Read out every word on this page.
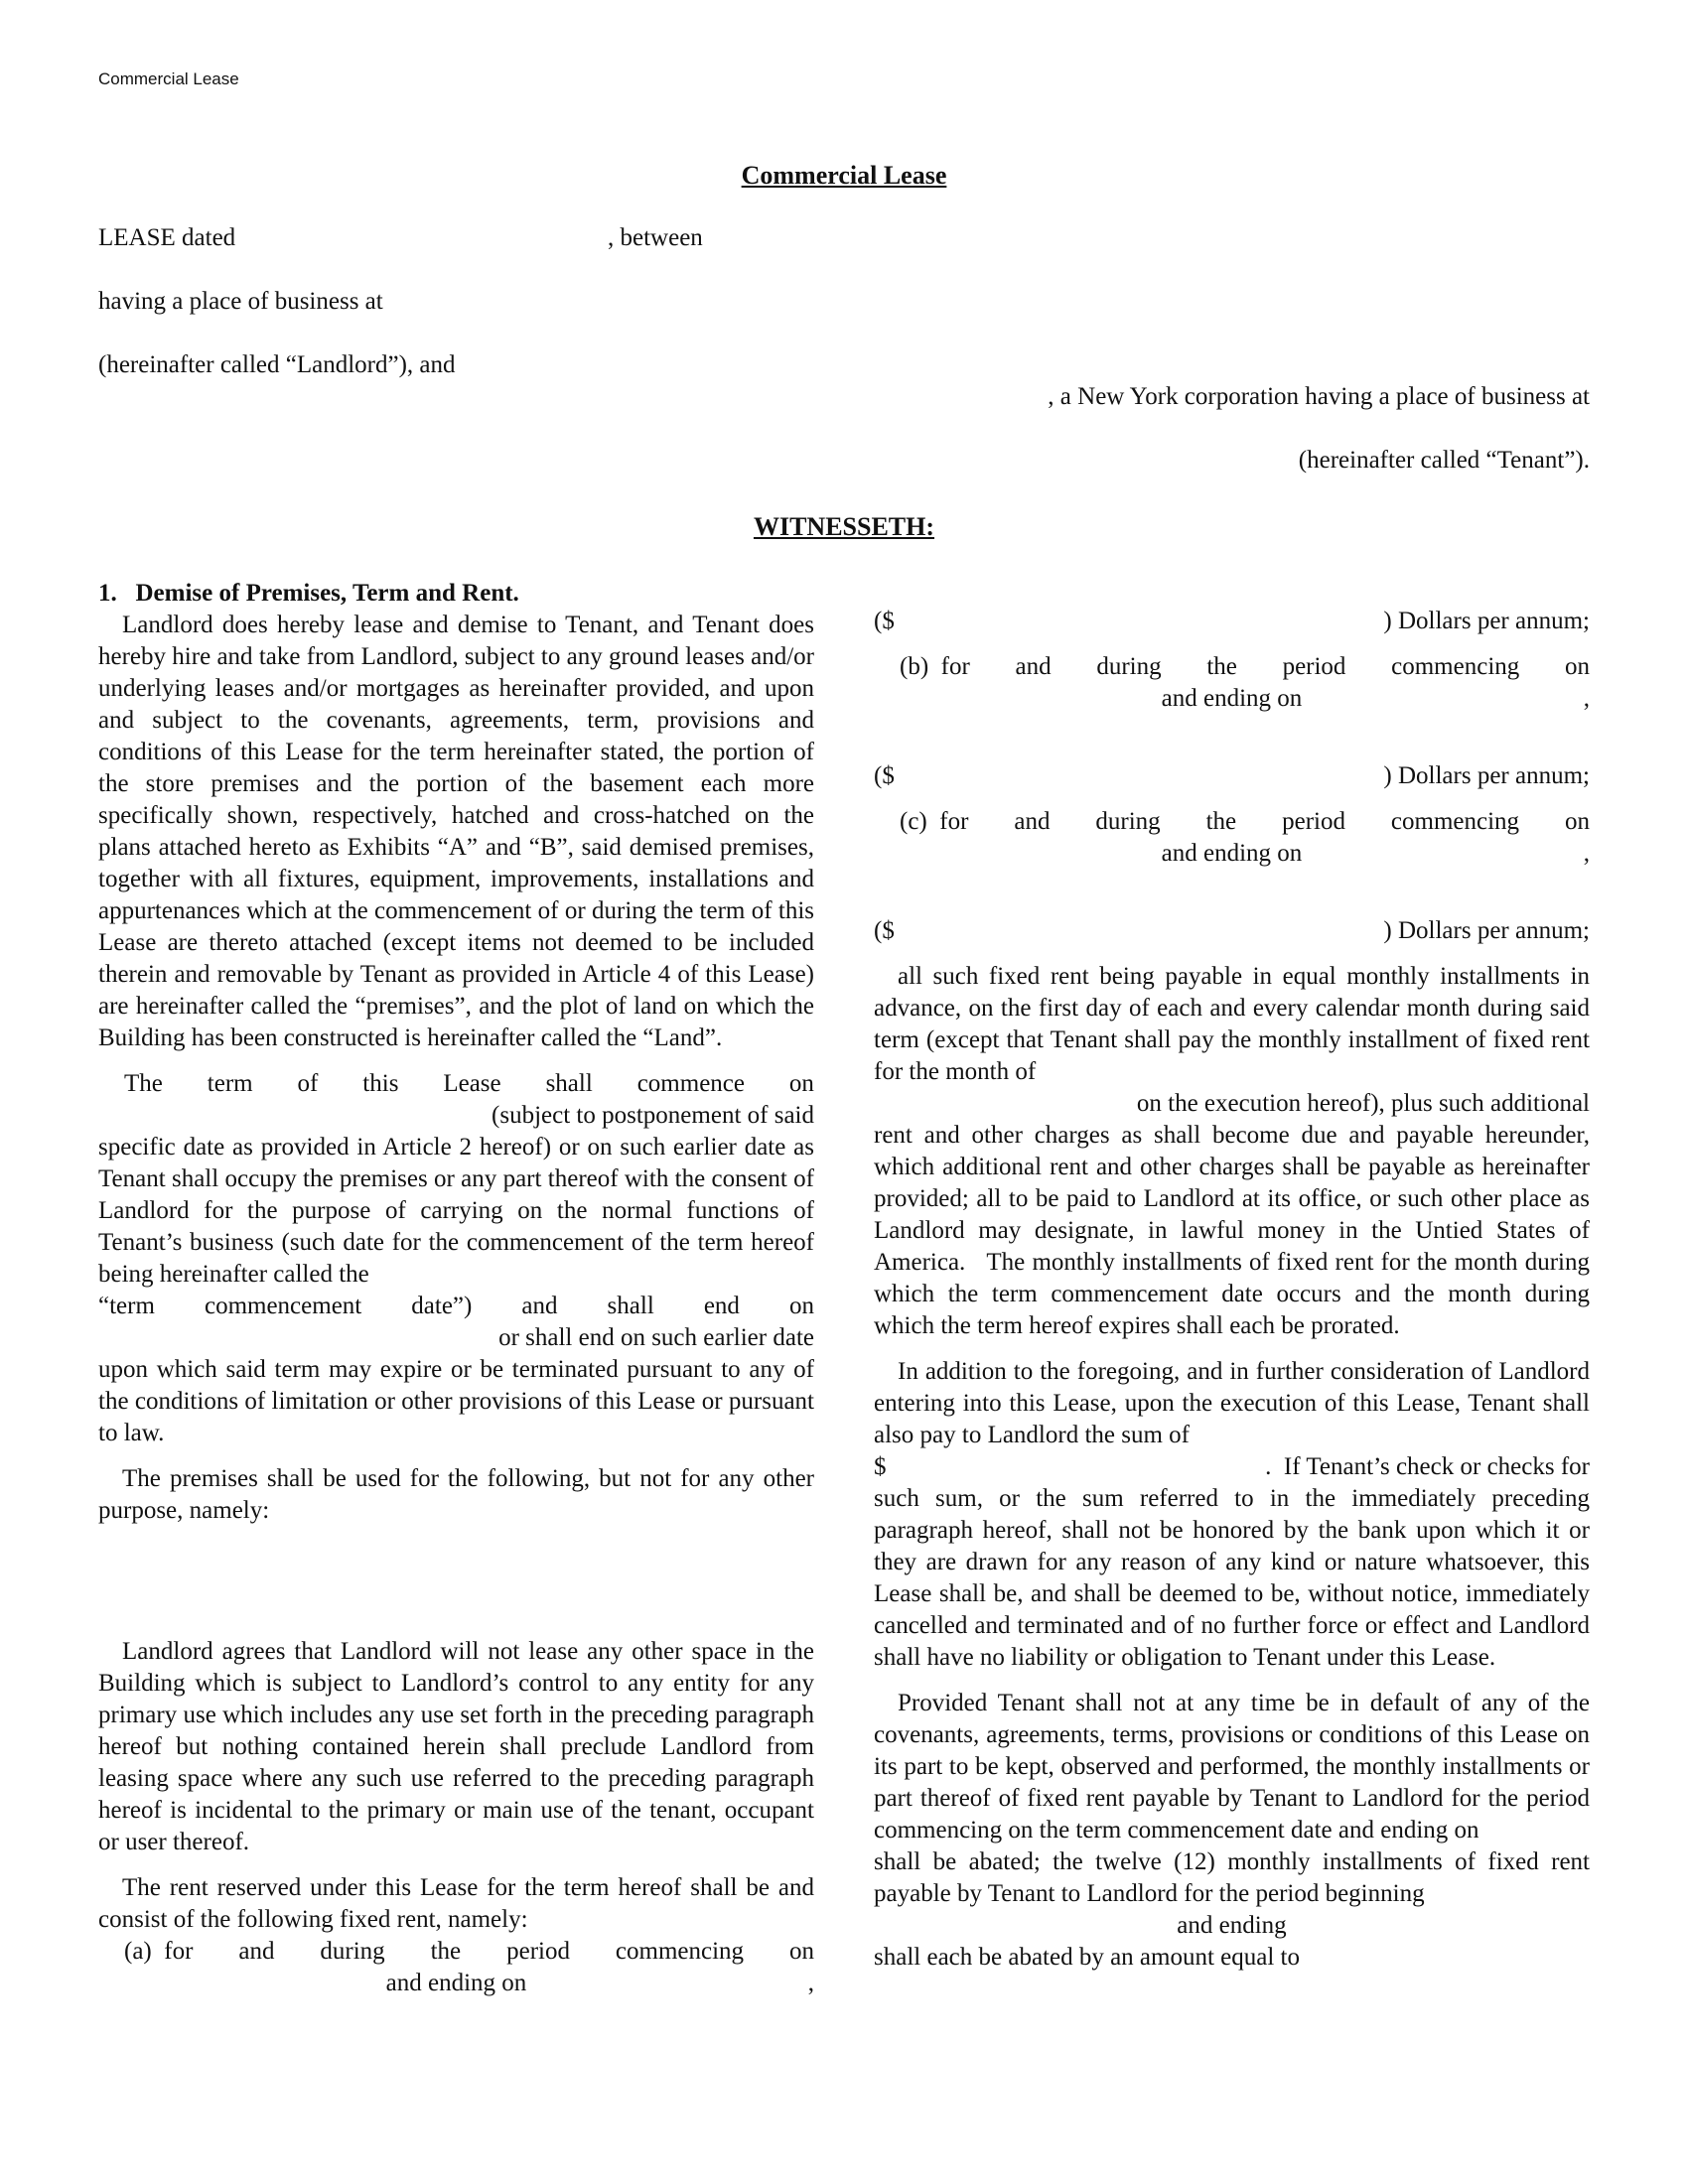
Commercial Lease
Commercial Lease
LEASE dated	, between
having a place of business at
(hereinafter called “Landlord”), and
, a New York corporation having a place of business at
(hereinafter called “Tenant”).
WITNESSETH:

1.   Demise of Premises, Term and Rent.

Landlord does hereby lease and demise to Tenant, and Tenant does hereby hire and take from Landlord, subject to any ground leases and/or underlying leases and/or mortgages as hereinafter provided, and upon and subject to the covenants, agreements, term, provisions and conditions of this Lease for the term hereinafter stated, the portion of the store premises and the portion of the basement each more specifically shown, respectively, hatched and cross-hatched on the plans attached hereto as Exhibits “A” and “B”, said demised premises, together with all fixtures, equipment, improvements, installations and appurtenances which at the commencement of or during the term of this Lease are thereto attached (except items not deemed to be included therein and removable by Tenant as provided in Article 4 of this Lease) are hereinafter called the “premises”, and the plot of land on which the Building has been constructed is hereinafter called the “Land”.

The term of this Lease shall commence on
(subject to postponement of said

specific date as provided in Article 2 hereof) or on such earlier date as Tenant shall occupy the premises or any part thereof with the consent of Landlord for the purpose of carrying on the normal functions of Tenant’s business (such date for the commencement of the term hereof being hereinafter called the

“term commencement date”) and shall end on
or shall end on such earlier date

upon which said term may expire or be terminated pursuant to any of the conditions of limitation or other provisions of this Lease or pursuant to law.

The premises shall be used for the following, but not for any other purpose, namely:

Landlord agrees that Landlord will not lease any other space in the Building which is subject to Landlord’s control to any entity for any primary use which includes any use set forth in the preceding paragraph hereof but nothing contained herein shall preclude Landlord from leasing space where any such use referred to the preceding paragraph hereof is incidental to the primary or main use of the tenant, occupant or user thereof.

The rent reserved under this Lease for the term hereof shall be and consist of the following fixed rent, namely:

(a)  for and during the period commencing on
and ending on	,
($	) Dollars per annum;
(b)  for and during the period commencing on
and ending on	,
($	) Dollars per annum;
(c)  for and during the period commencing on
and ending on	,
($	) Dollars per annum;

all such fixed rent being payable in equal monthly installments in advance, on the first day of each and every calendar month during said term (except that Tenant shall pay the monthly installment of fixed rent for the month of

on the execution hereof), plus such additional

rent and other charges as shall become due and payable hereunder, which additional rent and other charges shall be payable as hereinafter provided; all to be paid to Landlord at its office, or such other place as Landlord may designate, in lawful money in the Untied States of America.   The monthly installments of fixed rent for the month during which the term commencement date occurs and the month during which the term hereof expires shall each be prorated.

In addition to the foregoing, and in further consideration of Landlord entering into this Lease, upon the execution of this Lease, Tenant shall also pay to Landlord the sum of

$	.  If Tenant’s check or checks for

such sum, or the sum referred to in the immediately preceding paragraph hereof, shall not be honored by the bank upon which it or they are drawn for any reason of any kind or nature whatsoever, this Lease shall be, and shall be deemed to be, without notice, immediately cancelled and terminated and of no further force or effect and Landlord shall have no liability or obligation to Tenant under this Lease.

Provided Tenant shall not at any time be in default of any of the covenants, agreements, terms, provisions or conditions of this Lease on its part to be kept, observed and performed, the monthly installments or part thereof of fixed rent payable by Tenant to Landlord for the period commencing on the term commencement date and ending on

shall be abated; the twelve (12) monthly installments of fixed rent payable by Tenant to Landlord for the period beginning

and ending

shall each be abated by an amount equal to
